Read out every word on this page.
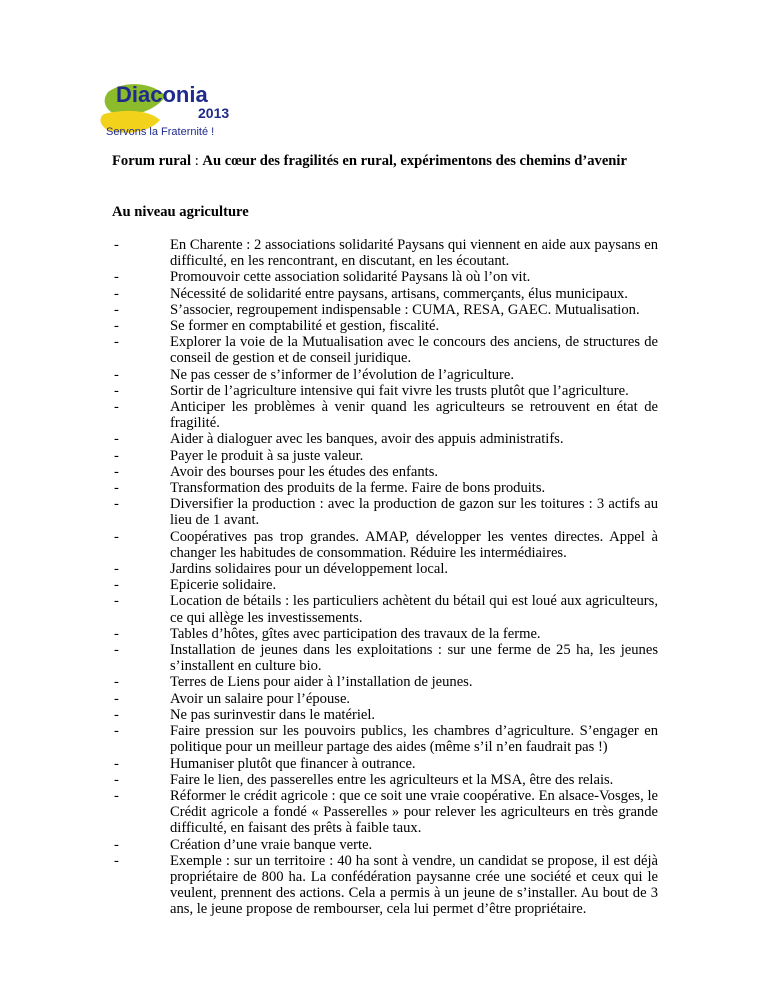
Diaconia
2013
Servons la Fraternité !
Forum rural : Au cœur des fragilités en rural, expérimentons des chemins d’avenir
Au niveau agriculture
-	En Charente : 2 associations solidarité Paysans qui viennent en aide aux paysans en difficulté, en les rencontrant, en discutant, en les écoutant.
-	Promouvoir cette association solidarité Paysans là où l’on vit.
-	Nécessité de solidarité entre paysans, artisans, commerçants, élus municipaux.
-	S’associer, regroupement indispensable : CUMA, RESA, GAEC. Mutualisation.
-	Se former en comptabilité et gestion, fiscalité.
-	Explorer la voie de la Mutualisation avec le concours des anciens, de structures de conseil de gestion et de conseil juridique.
-	Ne pas cesser de s’informer de l’évolution de l’agriculture.
-	Sortir de l’agriculture intensive qui fait vivre les trusts plutôt que l’agriculture.
-	Anticiper les problèmes à venir quand les agriculteurs se retrouvent en état de fragilité.
-	Aider à dialoguer avec les banques, avoir des appuis administratifs.
-	Payer le produit à sa juste valeur.
-	Avoir des bourses pour les études des enfants.
-	Transformation des produits de la ferme. Faire de bons produits.
-	Diversifier la production : avec la production de gazon sur les toitures : 3 actifs au lieu de 1 avant.
-	Coopératives pas trop grandes. AMAP, développer les ventes directes. Appel à changer les habitudes de consommation. Réduire les intermédiaires.
-	Jardins solidaires pour un développement local.
-	Epicerie solidaire.
-	Location de bétails : les particuliers achètent du bétail qui est loué aux agriculteurs, ce qui allège les investissements.
-	Tables d’hôtes, gîtes avec participation des travaux de la ferme.
-	Installation de jeunes dans les exploitations : sur une ferme de 25 ha, les jeunes s’installent en culture bio.
-	Terres de Liens pour aider à l’installation de jeunes.
-	Avoir un salaire pour l’épouse.
-	Ne pas surinvestir dans le matériel.
-	Faire pression sur les pouvoirs publics, les chambres d’agriculture. S’engager en politique pour un meilleur partage des aides (même s’il n’en faudrait pas !)
-	Humaniser plutôt que financer à outrance.
-	Faire le lien, des passerelles entre les agriculteurs et la MSA, être des relais.
-	Réformer le crédit agricole : que ce soit une vraie coopérative. En alsace-Vosges, le Crédit agricole a fondé « Passerelles » pour relever les agriculteurs en très grande difficulté, en faisant des prêts à faible taux.
-	Création d’une vraie banque verte.
-	Exemple : sur un territoire : 40 ha sont à vendre, un candidat se propose, il est déjà propriétaire de 800 ha. La confédération paysanne crée une société et ceux qui le veulent, prennent des actions. Cela a permis à un jeune de s’installer. Au bout de 3 ans, le jeune propose de rembourser, cela lui permet d’être propriétaire.
